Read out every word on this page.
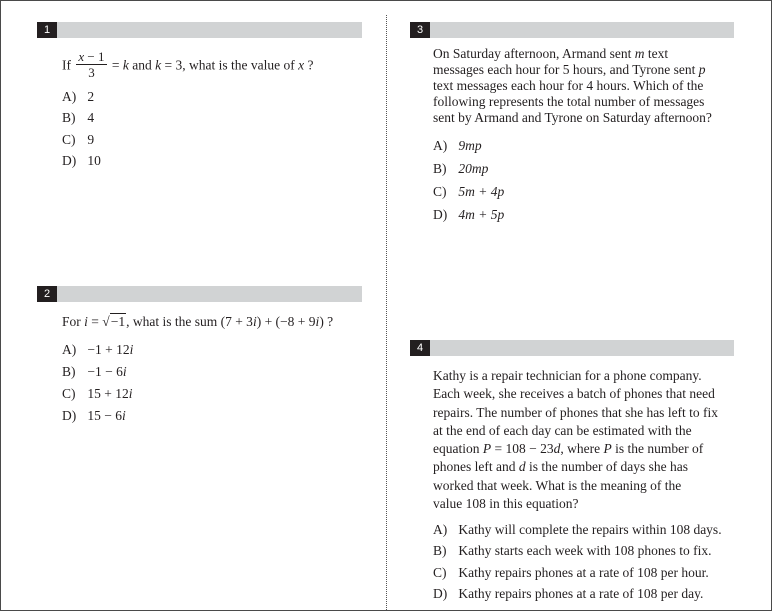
1
If $\frac{x - 1}{3} = k$ and k = 3, what is the value of x ?
A) 2
B) 4
C) 9
D) 10
2
For i = √−1, what is the sum (7 + 3i) + (−8 + 9i) ?
A) −1 + 12i
B) −1 − 6i
C) 15 + 12i
D) 15 − 6i
3
On Saturday afternoon, Armand sent m text
messages each hour for 5 hours, and Tyrone sent p
text messages each hour for 4 hours. Which of the
following represents the total number of messages
sent by Armand and Tyrone on Saturday afternoon?
A) 9mp
B) 20mp
C) 5m + 4p
D) 4m + 5p
4
Kathy is a repair technician for a phone company.
Each week, she receives a batch of phones that need
repairs. The number of phones that she has left to fix
at the end of each day can be estimated with the
equation P = 108 − 23d, where P is the number of
phones left and d is the number of days she has
worked that week. What is the meaning of the
value 108 in this equation?
A) Kathy will complete the repairs within 108 days.
B) Kathy starts each week with 108 phones to fix.
C) Kathy repairs phones at a rate of 108 per hour.
D) Kathy repairs phones at a rate of 108 per day.
